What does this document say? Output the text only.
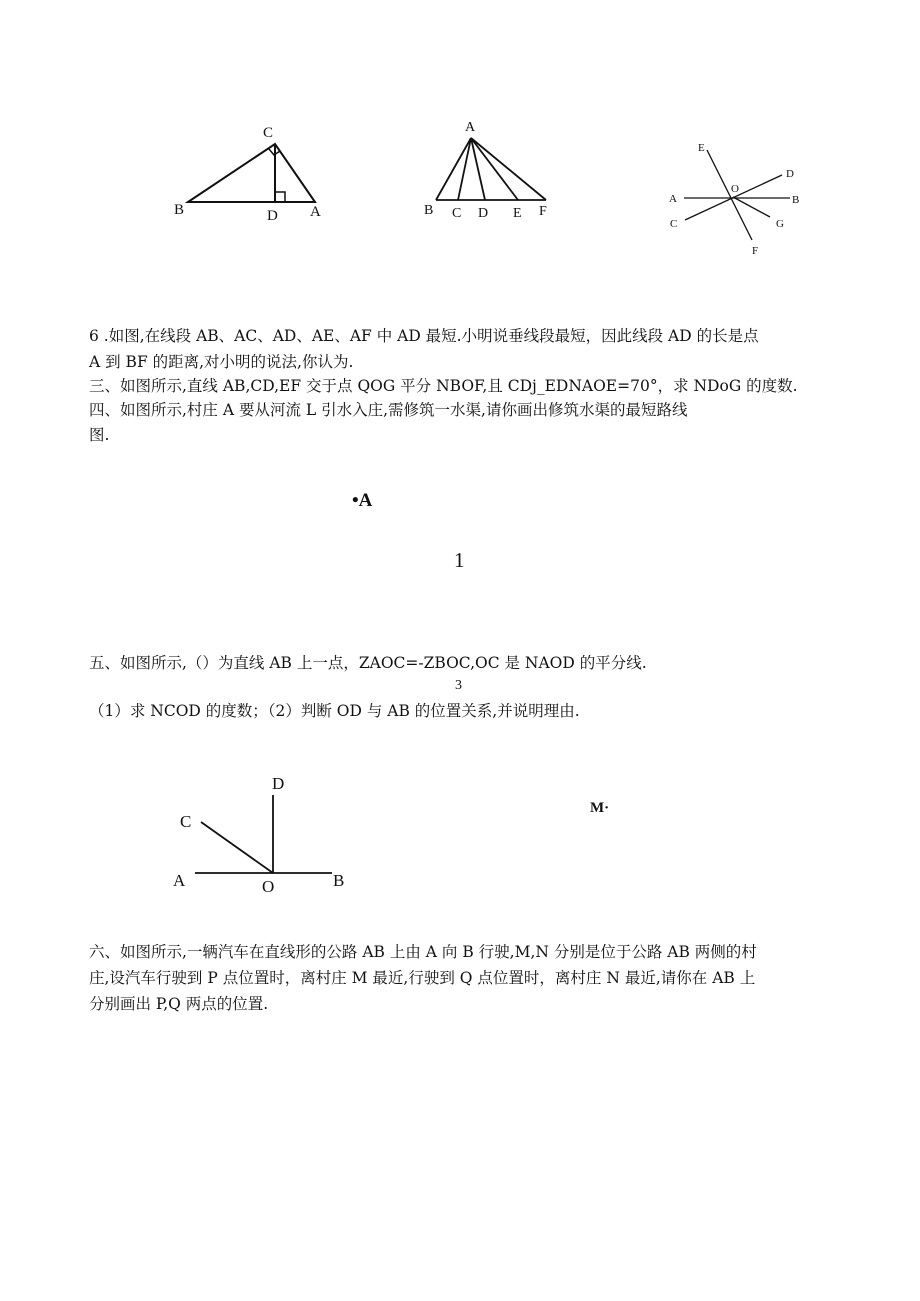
C
B	D A
A
B C D E F
E
D
A
O
B
C	G
F
6 .如图,在线段 AB、AC、AD、AE、AF 中 AD 最短.小明说垂线段最短，因此线段 AD 的长是点
A 到 BF 的距离,对小明的说法,你认为.
三、如图所示,直线 AB,CD,EF 交于点 QOG 平分 NBOF,且 CDj_EDNAOE=70°，求 NDoG 的度数.
四、如图所示,村庄 A 要从河流 L 引水入庄,需修筑一水渠,请你画出修筑水渠的最短路线
图.
•A
1
五、如图所示,（）为直线 AB 上一点，ZAOC=-ZBOC,OC 是 NAOD 的平分线.
3
（1）求 NCOD 的度数；（2）判断 OD 与 AB 的位置关系,并说明理由.
D
C
A	O	B
M·
六、如图所示,一辆汽车在直线形的公路 AB 上由 A 向 B 行驶,M,N 分别是位于公路 AB 两侧的村
庄,设汽车行驶到 P 点位置时，离村庄 M 最近,行驶到 Q 点位置时，离村庄 N 最近,请你在 AB 上
分别画出 P,Q 两点的位置.
